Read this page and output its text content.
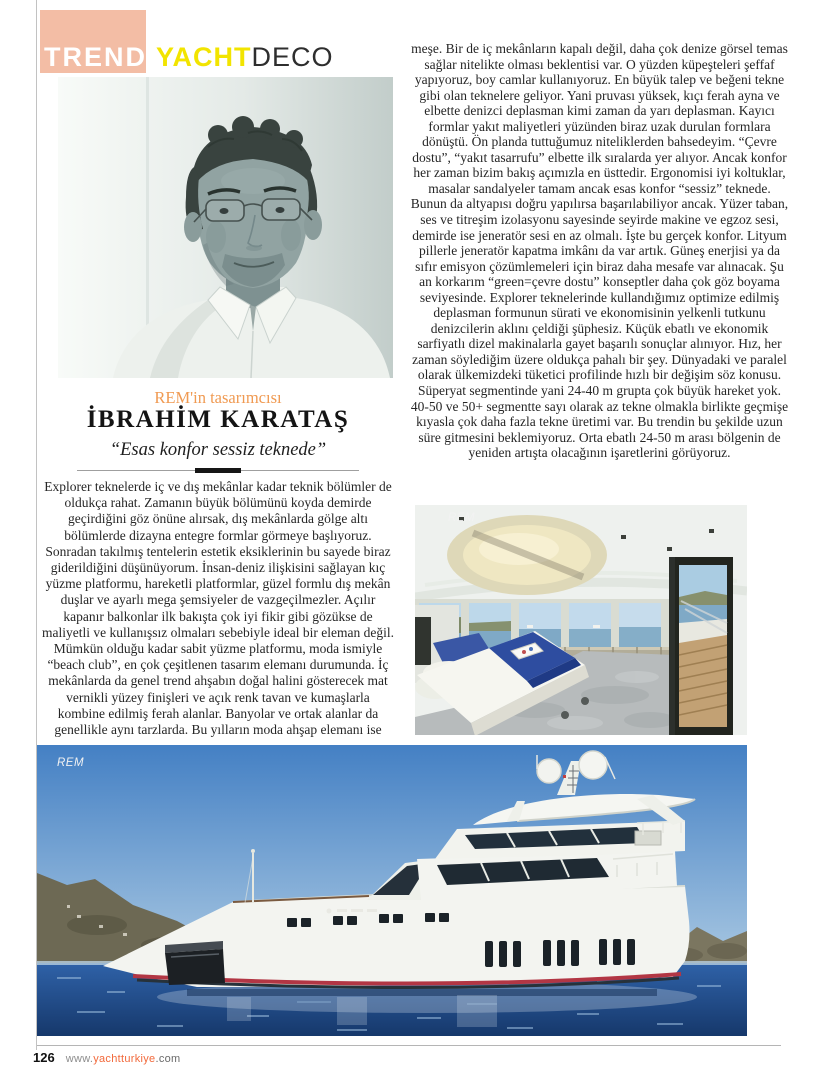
TREND YACHT DECO
REM'in tasarımcısı
İBRAHİM KARATAŞ
“Esas konfor sessiz teknede”
Explorer teknelerde iç ve dış mekânlar kadar teknik bölümler de oldukça rahat. Zamanın büyük bölümünü koyda demirde geçirdiğini göz önüne alırsak, dış mekânlarda gölge altı bölümlerde dizayna entegre formlar görmeye başlıyoruz. Sonradan takılmış tentelerin estetik eksiklerinin bu sayede biraz giderildiğini düşünüyorum. İnsan-deniz ilişkisini sağlayan kıç yüzme platformu, hareketli platformlar, güzel formlu dış mekân duşlar ve ayarlı mega şemsiyeler de vazgeçilmezler. Açılır kapanır balkonlar ilk bakışta çok iyi fikir gibi gözükse de maliyetli ve kullanışsız olmaları sebebiyle ideal bir eleman değil. Mümkün olduğu kadar sabit yüzme platformu, moda ismiyle “beach club”, en çok çeşitlenen tasarım elemanı durumunda. İç mekânlarda da genel trend ahşabın doğal halini gösterecek mat vernikli yüzey finişleri ve açık renk tavan ve kumaşlarla kombine edilmiş ferah alanlar. Banyolar ve ortak alanlar da genellikle aynı tarzlarda. Bu yılların moda ahşap elemanı ise
meşe. Bir de iç mekânların kapalı değil, daha çok denize görsel temas sağlar nitelikte olması beklentisi var. O yüzden küpeşteleri şeffaf yapıyoruz, boy camlar kullanıyoruz. En büyük talep ve beğeni tekne gibi olan teknelere geliyor. Yani pruvası yüksek, kıçı ferah ayna ve elbette denizci deplasman kimi zaman da yarı deplasman. Kayıcı formlar yakıt maliyetleri yüzünden biraz uzak durulan formlara dönüştü. Ön planda tuttuğumuz niteliklerden bahsedeyim. “Çevre dostu”, “yakıt tasarrufu” elbette ilk sıralarda yer alıyor. Ancak konfor her zaman bizim bakış açımızla en üsttedir. Ergonomisi iyi koltuklar, masalar sandalyeler tamam ancak esas konfor “sessiz” teknede. Bunun da altyapısı doğru yapılırsa başarılabiliyor ancak. Yüzer taban, ses ve titreşim izolasyonu sayesinde seyirde makine ve egzoz sesi, demirde ise jeneratör sesi en az olmalı. İşte bu gerçek konfor. Lityum pillerle jeneratör kapatma imkânı da var artık. Güneş enerjisi ya da sıfır emisyon çözümlemeleri için biraz daha mesafe var alınacak. Şu an korkarım “green=çevre dostu” konseptler daha çok göz boyama seviyesinde. Explorer teknelerinde kullandığımız optimize edilmiş deplasman formunun sürati ve ekonomisinin yelkenli tutkunu denizcilerin aklını çeldiği şüphesiz. Küçük ebatlı ve ekonomik sarfiyatlı dizel makinalarla gayet başarılı sonuçlar alınıyor. Hız, her zaman söylediğim üzere oldukça pahalı bir şey. Dünyadaki ve paralel olarak ülkemizdeki tüketici profilinde hızlı bir değişim söz konusu. Süperyat segmentinde yani 24-40 m grupta çok büyük hareket yok. 40-50 ve 50+ segmentte sayı olarak az tekne olmakla birlikte geçmişe kıyasla çok daha fazla tekne üretimi var. Bu trendin bu şekilde uzun süre gitmesini beklemiyoruz. Orta ebatlı 24-50 m arası bölgenin de yeniden artışta olacağının işaretlerini görüyoruz.
REM
REM
126 www.yachtturkiye.com
